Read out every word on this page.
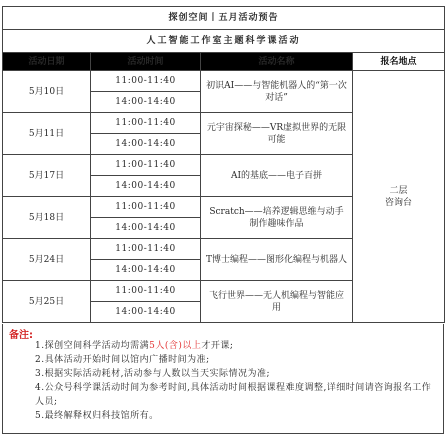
探创空间丨五月活动预告			
人工智能工作室主题科学课活动			
活动日期	活动时间	活动名称	报名地点
5月10日	11:00-11:40	初识AI——与智能机器人的“第一次对话”	二层
咨询台

	14:00-14:40		
5月11日	11:00-11:40	元宇宙探秘——VR虚拟世界的无限可能	
	14:00-14:40		
5月17日	11:00-11:40	AI的基底——电子百拼	
	14:00-14:40		
5月18日	11:00-11:40	Scratch——培养逻辑思维与动手制作趣味作品	
	14:00-14:40		
5月24日	11:00-11:40	T博士编程——图形化编程与机器人	
	14:00-14:40		
5月25日	11:00-11:40	飞行世界——无人机编程与智能应用	
	14:00-14:40		
备注:
1.探创空间科学活动均需满5人(含)以上才开课;
2.具体活动开始时间以馆内广播时间为准;
3.根据实际活动耗材,活动参与人数以当天实际情况为准;
4.公众号科学课活动时间为参考时间,具体活动时间根据课程难度调整,详细时间请咨询报名工作人员;
5.最终解释权归科技馆所有。
